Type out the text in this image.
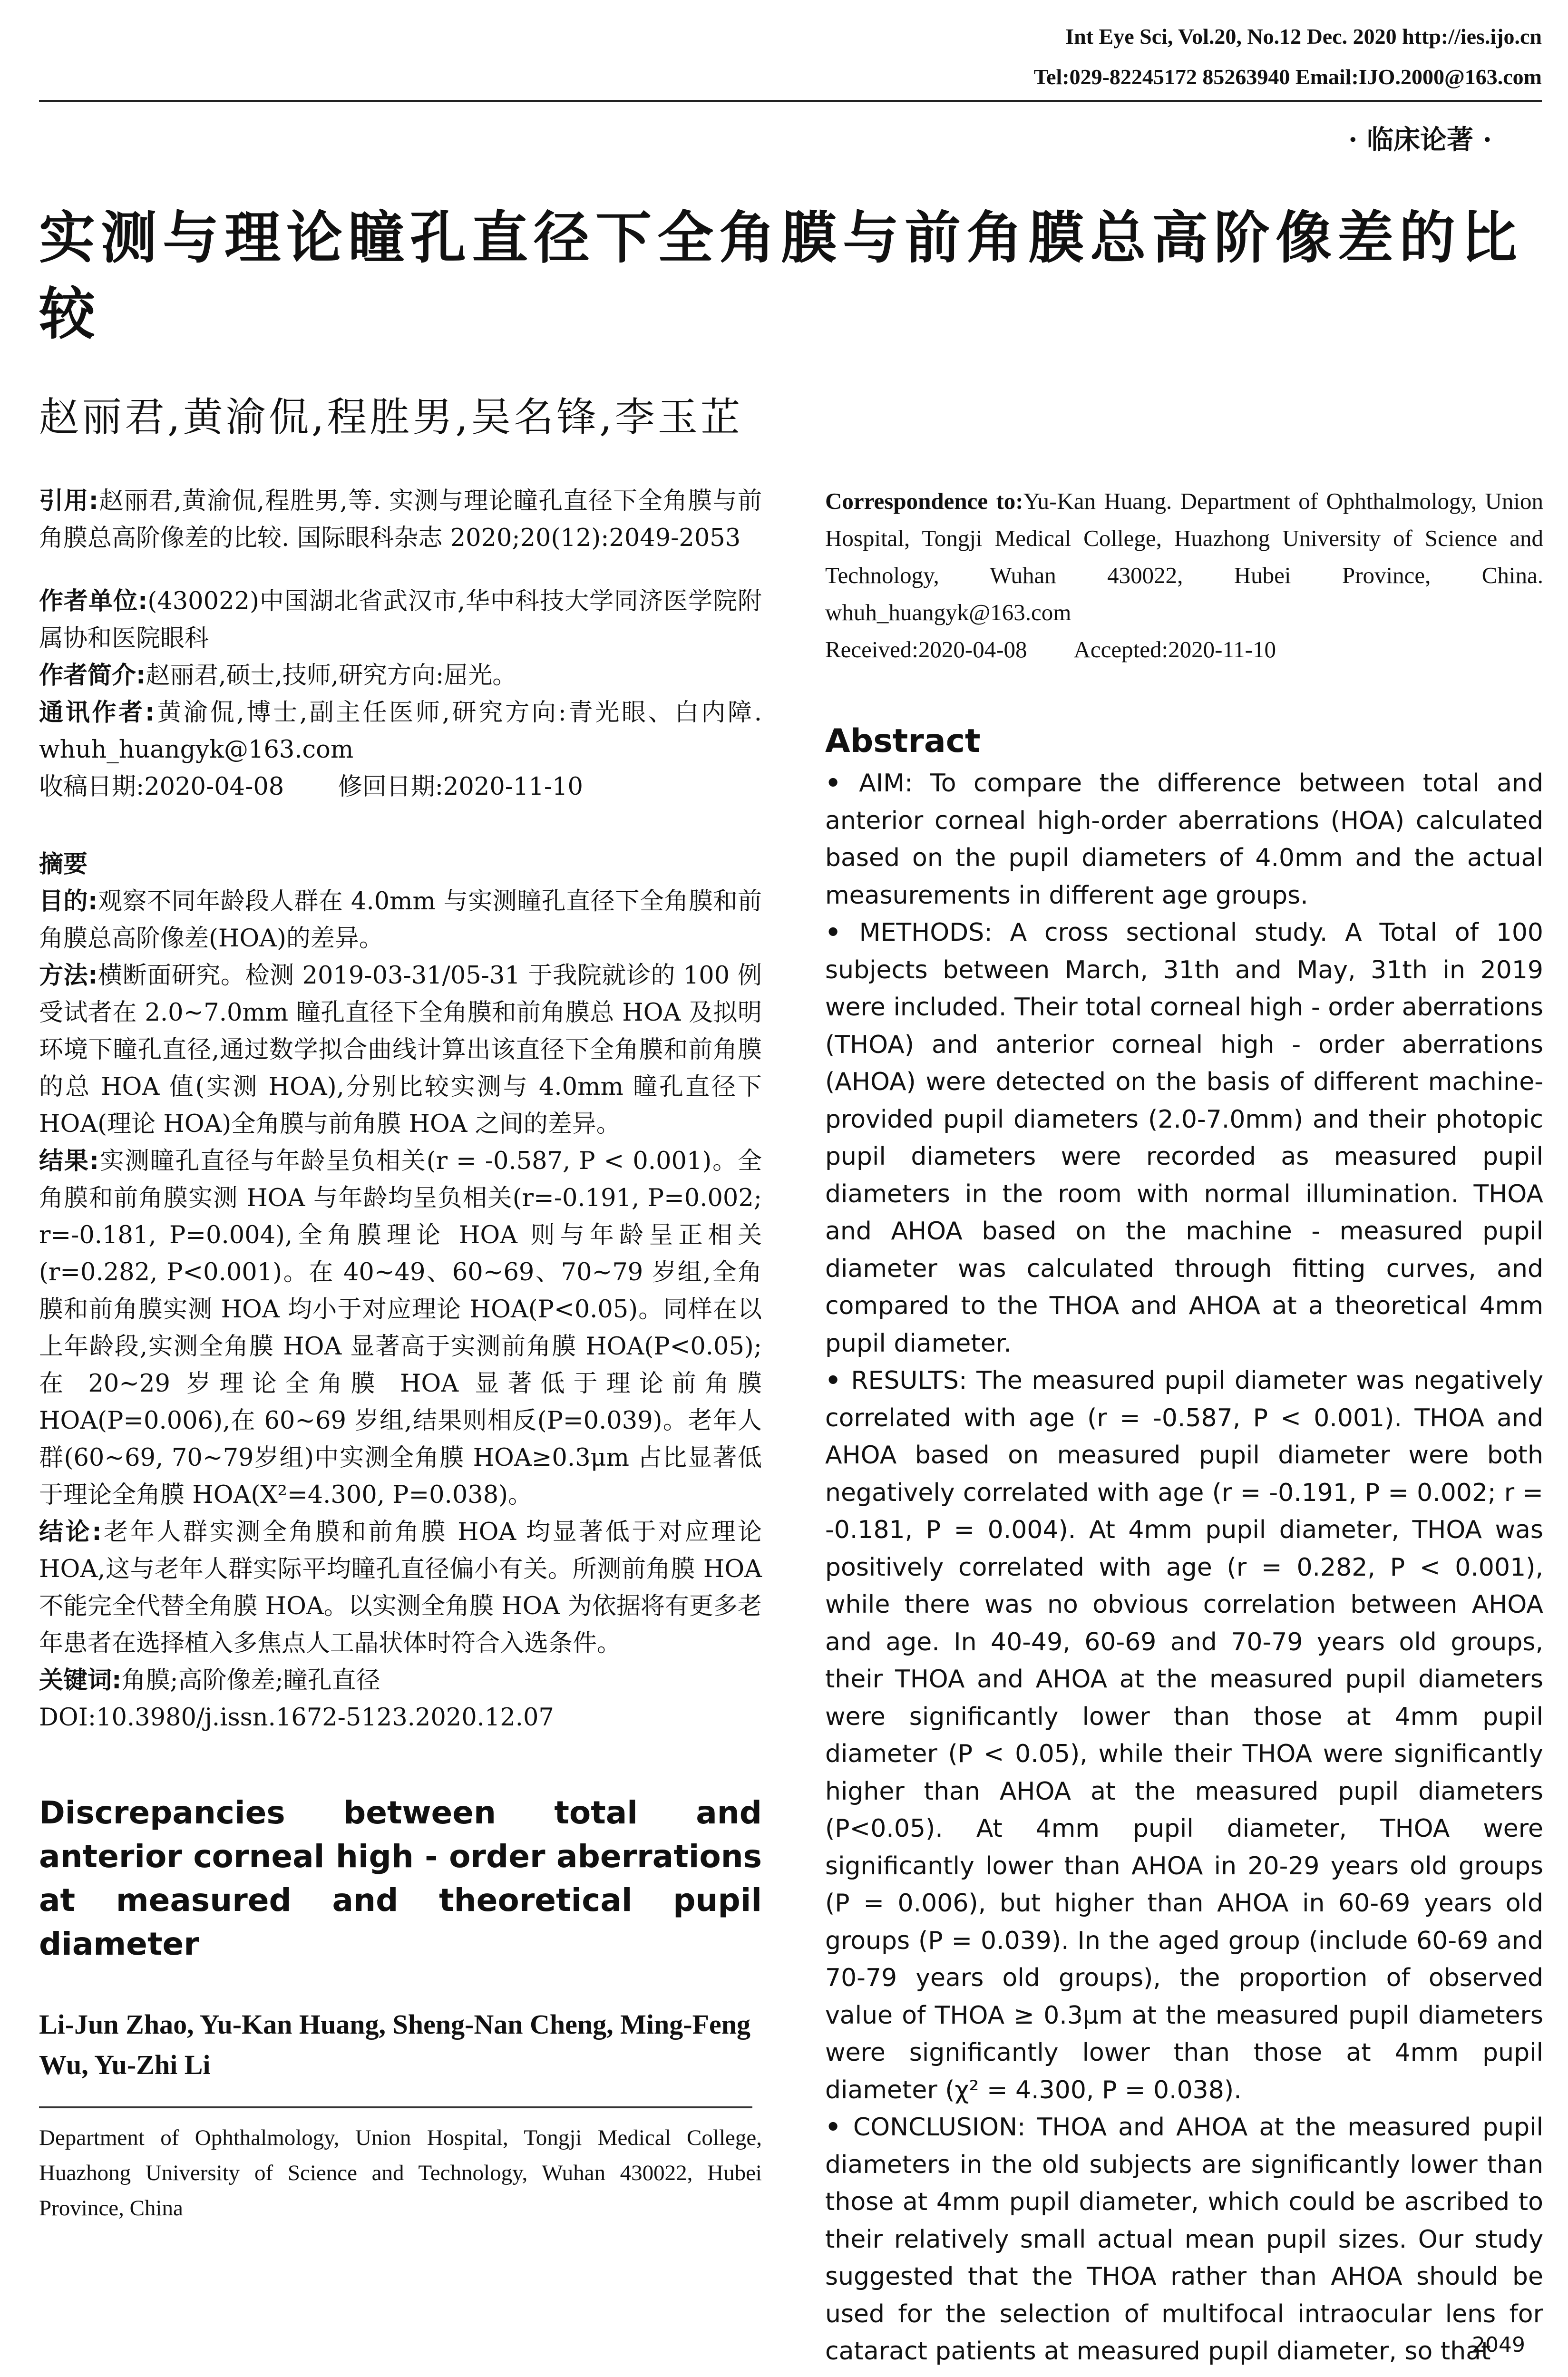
Int Eye Sci, Vol.20, No.12 Dec. 2020 http://ies.ijo.cn
Tel:029-82245172 85263940 Email:IJO.2000@163.com
· 临床论著 ·
实测与理论瞳孔直径下全角膜与前角膜总高阶像差的比较
赵丽君,黄渝侃,程胜男,吴名锋,李玉芷

引用:赵丽君,黄渝侃,程胜男,等. 实测与理论瞳孔直径下全角膜与前角膜总高阶像差的比较. 国际眼科杂志 2020;20(12):2049-2053

作者单位:(430022)中国湖北省武汉市,华中科技大学同济医学院附属协和医院眼科

作者简介:赵丽君,硕士,技师,研究方向:屈光。

通讯作者:黄渝侃,博士,副主任医师,研究方向:青光眼、白内障. whuh_huangyk@163.com

收稿日期:2020-04-08 修回日期:2020-11-10

摘要

目的:观察不同年龄段人群在 4.0mm 与实测瞳孔直径下全角膜和前角膜总高阶像差(HOA)的差异。

方法:横断面研究。检测 2019-03-31/05-31 于我院就诊的 100 例受试者在 2.0~7.0mm 瞳孔直径下全角膜和前角膜总 HOA 及拟明环境下瞳孔直径,通过数学拟合曲线计算出该直径下全角膜和前角膜的总 HOA 值(实测 HOA),分别比较实测与 4.0mm 瞳孔直径下 HOA(理论 HOA)全角膜与前角膜 HOA 之间的差异。

结果:实测瞳孔直径与年龄呈负相关(r = -0.587, P < 0.001)。全角膜和前角膜实测 HOA 与年龄均呈负相关(r=-0.191, P=0.002; r=-0.181, P=0.004),全角膜理论 HOA 则与年龄呈正相关(r=0.282, P<0.001)。在 40~49、60~69、70~79 岁组,全角膜和前角膜实测 HOA 均小于对应理论 HOA(P<0.05)。同样在以上年龄段,实测全角膜 HOA 显著高于实测前角膜 HOA(P<0.05);在 20~29 岁理论全角膜 HOA 显著低于理论前角膜 HOA(P=0.006),在 60~69 岁组,结果则相反(P=0.039)。老年人群(60~69, 70~79岁组)中实测全角膜 HOA≥0.3μm 占比显著低于理论全角膜 HOA(X²=4.300, P=0.038)。

结论:老年人群实测全角膜和前角膜 HOA 均显著低于对应理论 HOA,这与老年人群实际平均瞳孔直径偏小有关。所测前角膜 HOA 不能完全代替全角膜 HOA。以实测全角膜 HOA 为依据将有更多老年患者在选择植入多焦点人工晶状体时符合入选条件。

关键词:角膜;高阶像差;瞳孔直径

DOI:10.3980/j.issn.1672-5123.2020.12.07

Discrepancies between total and anterior corneal high - order aberrations at measured and theoretical pupil diameter
Li-Jun Zhao, Yu-Kan Huang, Sheng-Nan Cheng, Ming-Feng Wu, Yu-Zhi Li
Department of Ophthalmology, Union Hospital, Tongji Medical College, Huazhong University of Science and Technology, Wuhan 430022, Hubei Province, China

Correspondence to:Yu-Kan Huang. Department of Ophthalmology, Union Hospital, Tongji Medical College, Huazhong University of Science and Technology, Wuhan 430022, Hubei Province, China. whuh_huangyk@163.com

Received:2020-04-08 Accepted:2020-11-10

Abstract

• AIM: To compare the difference between total and anterior corneal high-order aberrations (HOA) calculated based on the pupil diameters of 4.0mm and the actual measurements in different age groups.

• METHODS: A cross sectional study. A Total of 100 subjects between March, 31th and May, 31th in 2019 were included. Their total corneal high - order aberrations (THOA) and anterior corneal high - order aberrations (AHOA) were detected on the basis of different machine-provided pupil diameters (2.0-7.0mm) and their photopic pupil diameters were recorded as measured pupil diameters in the room with normal illumination. THOA and AHOA based on the machine - measured pupil diameter was calculated through fitting curves, and compared to the THOA and AHOA at a theoretical 4mm pupil diameter.

• RESULTS: The measured pupil diameter was negatively correlated with age (r = -0.587, P < 0.001). THOA and AHOA based on measured pupil diameter were both negatively correlated with age (r = -0.191, P = 0.002; r = -0.181, P = 0.004). At 4mm pupil diameter, THOA was positively correlated with age (r = 0.282, P < 0.001), while there was no obvious correlation between AHOA and age. In 40-49, 60-69 and 70-79 years old groups, their THOA and AHOA at the measured pupil diameters were significantly lower than those at 4mm pupil diameter (P < 0.05), while their THOA were significantly higher than AHOA at the measured pupil diameters (P<0.05). At 4mm pupil diameter, THOA were significantly lower than AHOA in 20-29 years old groups (P = 0.006), but higher than AHOA in 60-69 years old groups (P = 0.039). In the aged group (include 60-69 and 70-79 years old groups), the proportion of observed value of THOA ≥ 0.3μm at the measured pupil diameters were significantly lower than those at 4mm pupil diameter (χ² = 4.300, P = 0.038).

• CONCLUSION: THOA and AHOA at the measured pupil diameters in the old subjects are significantly lower than those at 4mm pupil diameter, which could be ascribed to their relatively small actual mean pupil sizes. Our study suggested that the THOA rather than AHOA should be used for the selection of multifocal intraocular lens for cataract patients at measured pupil diameter, so that

2049
